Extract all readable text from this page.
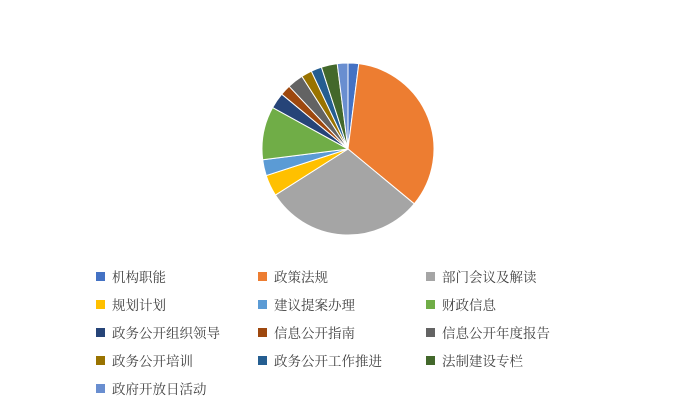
主动公开政府信息数量
机构职能	政策法规	部门会议及解读
规划计划	建议提案办理	财政信息
政务公开组织领导	信息公开指南	信息公开年度报告
政务公开培训	政务公开工作推进	法制建设专栏
政府开放日活动
